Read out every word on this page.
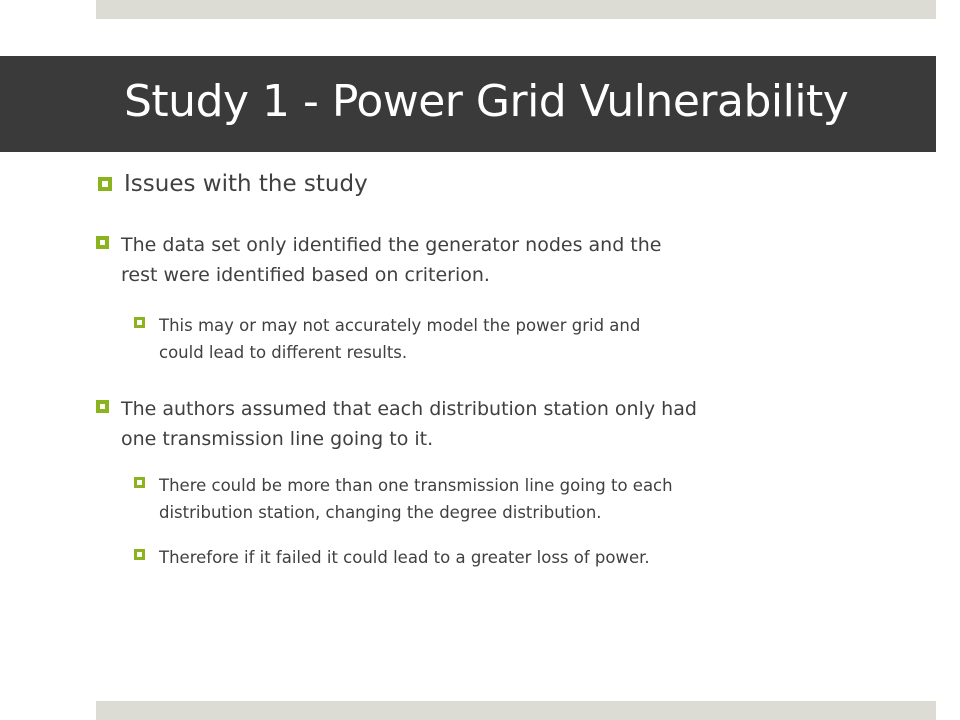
Study 1 - Power Grid Vulnerability
Issues with the study
The data set only identified the generator nodes and the
rest were identified based on criterion.
This may or may not accurately model the power grid and
could lead to different results.
The authors assumed that each distribution station only had
one transmission line going to it.
There could be more than one transmission line going to each
distribution station, changing the degree distribution.
Therefore if it failed it could lead to a greater loss of power.
